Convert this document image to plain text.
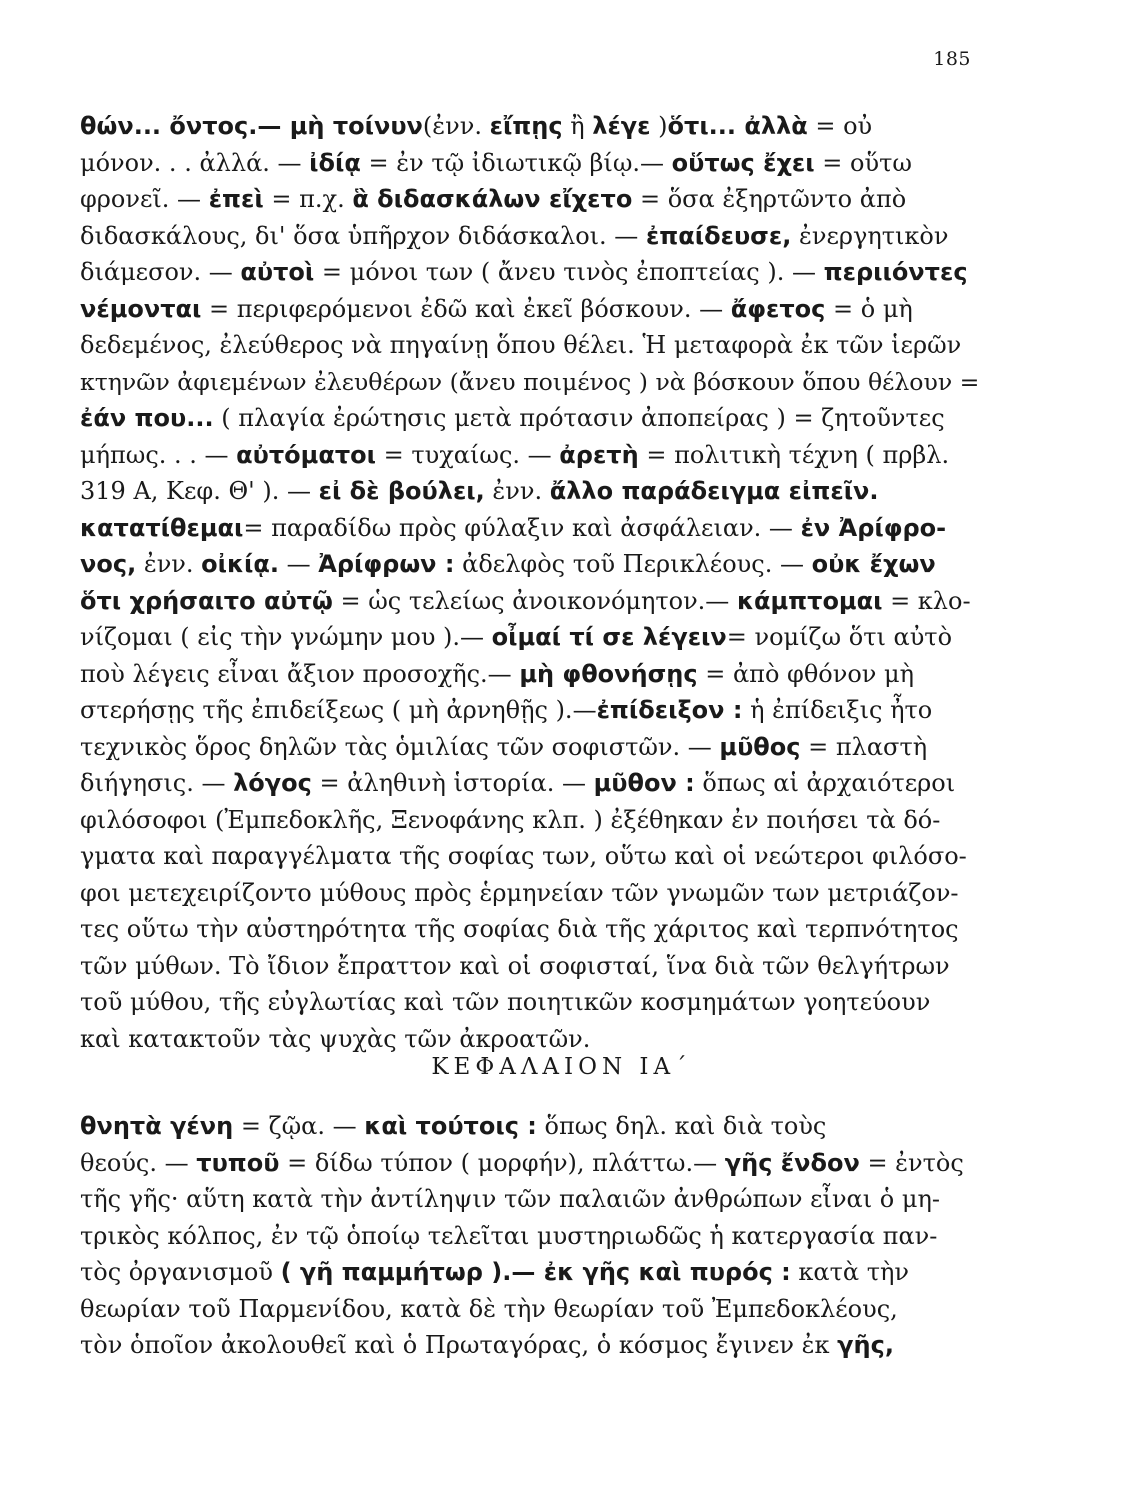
185
θών... ὄντος.— μὴ τοίνυν(ἐνν. εἴπῃς ἢ λέγε )ὅτι... ἀλλὰ = οὐ
μόνον. . . ἀλλά. — ἰδίᾳ = ἐν τῷ ἰδιωτικῷ βίῳ.— οὕτως ἔχει = οὕτω
φρονεῖ. — ἐπεὶ = π.χ. ἃ διδασκάλων εἴχετο = ὅσα ἐξηρτῶντο ἀπὸ
διδασκάλους, δι' ὅσα ὑπῆρχον διδάσκαλοι. — ἐπαίδευσε, ἐνεργητικὸν
διάμεσον. — αὐτοὶ = μόνοι των ( ἄνευ τινὸς ἐποπτείας ). — περιιόντες
νέμονται = περιφερόμενοι ἐδῶ καὶ ἐκεῖ βόσκουν. — ἄφετος = ὁ μὴ
δεδεμένος, ἐλεύθερος νὰ πηγαίνῃ ὅπου θέλει. Ἡ μεταφορὰ ἐκ τῶν ἱερῶν
κτηνῶν ἀφιεμένων ἐλευθέρων (ἄνευ ποιμένος ) νὰ βόσκουν ὅπου θέλουν =
ἐάν που... ( πλαγία ἐρώτησις μετὰ πρότασιν ἀποπείρας ) = ζητοῦντες
μήπως. . . — αὐτόματοι = τυχαίως. — ἀρετὴ = πολιτικὴ τέχνη ( πρβλ.
319 Α, Κεφ. Θ' ). — εἰ δὲ βούλει, ἐνν. ἄλλο παράδειγμα εἰπεῖν.
κατατίθεμαι= παραδίδω πρὸς φύλαξιν καὶ ἀσφάλειαν. — ἐν Ἀρίφρο-
νος, ἐνν. οἰκίᾳ. — Ἀρίφρων : ἀδελφὸς τοῦ Περικλέους. — οὐκ ἔχων
ὅτι χρήσαιτο αὐτῷ = ὡς τελείως ἀνοικονόμητον.— κάμπτομαι = κλο-
νίζομαι ( εἰς τὴν γνώμην μου ).— οἶμαί τί σε λέγειν= νομίζω ὅτι αὐτὸ
ποὺ λέγεις εἶναι ἄξιον προσοχῆς.— μὴ φθονήσῃς = ἀπὸ φθόνον μὴ
στερήσῃς τῆς ἐπιδείξεως ( μὴ ἀρνηθῇς ).—ἐπίδειξον : ἡ ἐπίδειξις ἦτο
τεχνικὸς ὅρος δηλῶν τὰς ὁμιλίας τῶν σοφιστῶν. — μῦθος = πλαστὴ
διήγησις. — λόγος = ἀληθινὴ ἱστορία. — μῦθον : ὅπως αἱ ἀρχαιότεροι
φιλόσοφοι (Ἐμπεδοκλῆς, Ξενοφάνης κλπ. ) ἐξέθηκαν ἐν ποιήσει τὰ δό-
γματα καὶ παραγγέλματα τῆς σοφίας των, οὕτω καὶ οἱ νεώτεροι φιλόσο-
φοι μετεχειρίζοντο μύθους πρὸς ἑρμηνείαν τῶν γνωμῶν των μετριάζον-
τες οὕτω τὴν αὐστηρότητα τῆς σοφίας διὰ τῆς χάριτος καὶ τερπνότητος
τῶν μύθων. Τὸ ἴδιον ἔπραττον καὶ οἱ σοφισταί, ἵνα διὰ τῶν θελγήτρων
τοῦ μύθου, τῆς εὐγλωτίας καὶ τῶν ποιητικῶν κοσμημάτων γοητεύουν
καὶ κατακτοῦν τὰς ψυχὰς τῶν ἀκροατῶν.
ΚΕΦΑΛΑΙΟΝ ΙΑ΄
θνητὰ γένη = ζῷα. — καὶ τούτοις : ὅπως δηλ. καὶ διὰ τοὺς
θεούς. — τυποῦ = δίδω τύπον ( μορφήν), πλάττω.— γῆς ἔνδον = ἐντὸς
τῆς γῆς· αὕτη κατὰ τὴν ἀντίληψιν τῶν παλαιῶν ἀνθρώπων εἶναι ὁ μη-
τρικὸς κόλπος, ἐν τῷ ὁποίῳ τελεῖται μυστηριωδῶς ἡ κατεργασία παν-
τὸς ὀργανισμοῦ ( γῆ παμμήτωρ ).— ἐκ γῆς καὶ πυρός : κατὰ τὴν
θεωρίαν τοῦ Παρμενίδου, κατὰ δὲ τὴν θεωρίαν τοῦ Ἐμπεδοκλέους,
τὸν ὁποῖον ἀκολουθεῖ καὶ ὁ Πρωταγόρας, ὁ κόσμος ἔγινεν ἐκ γῆς,
